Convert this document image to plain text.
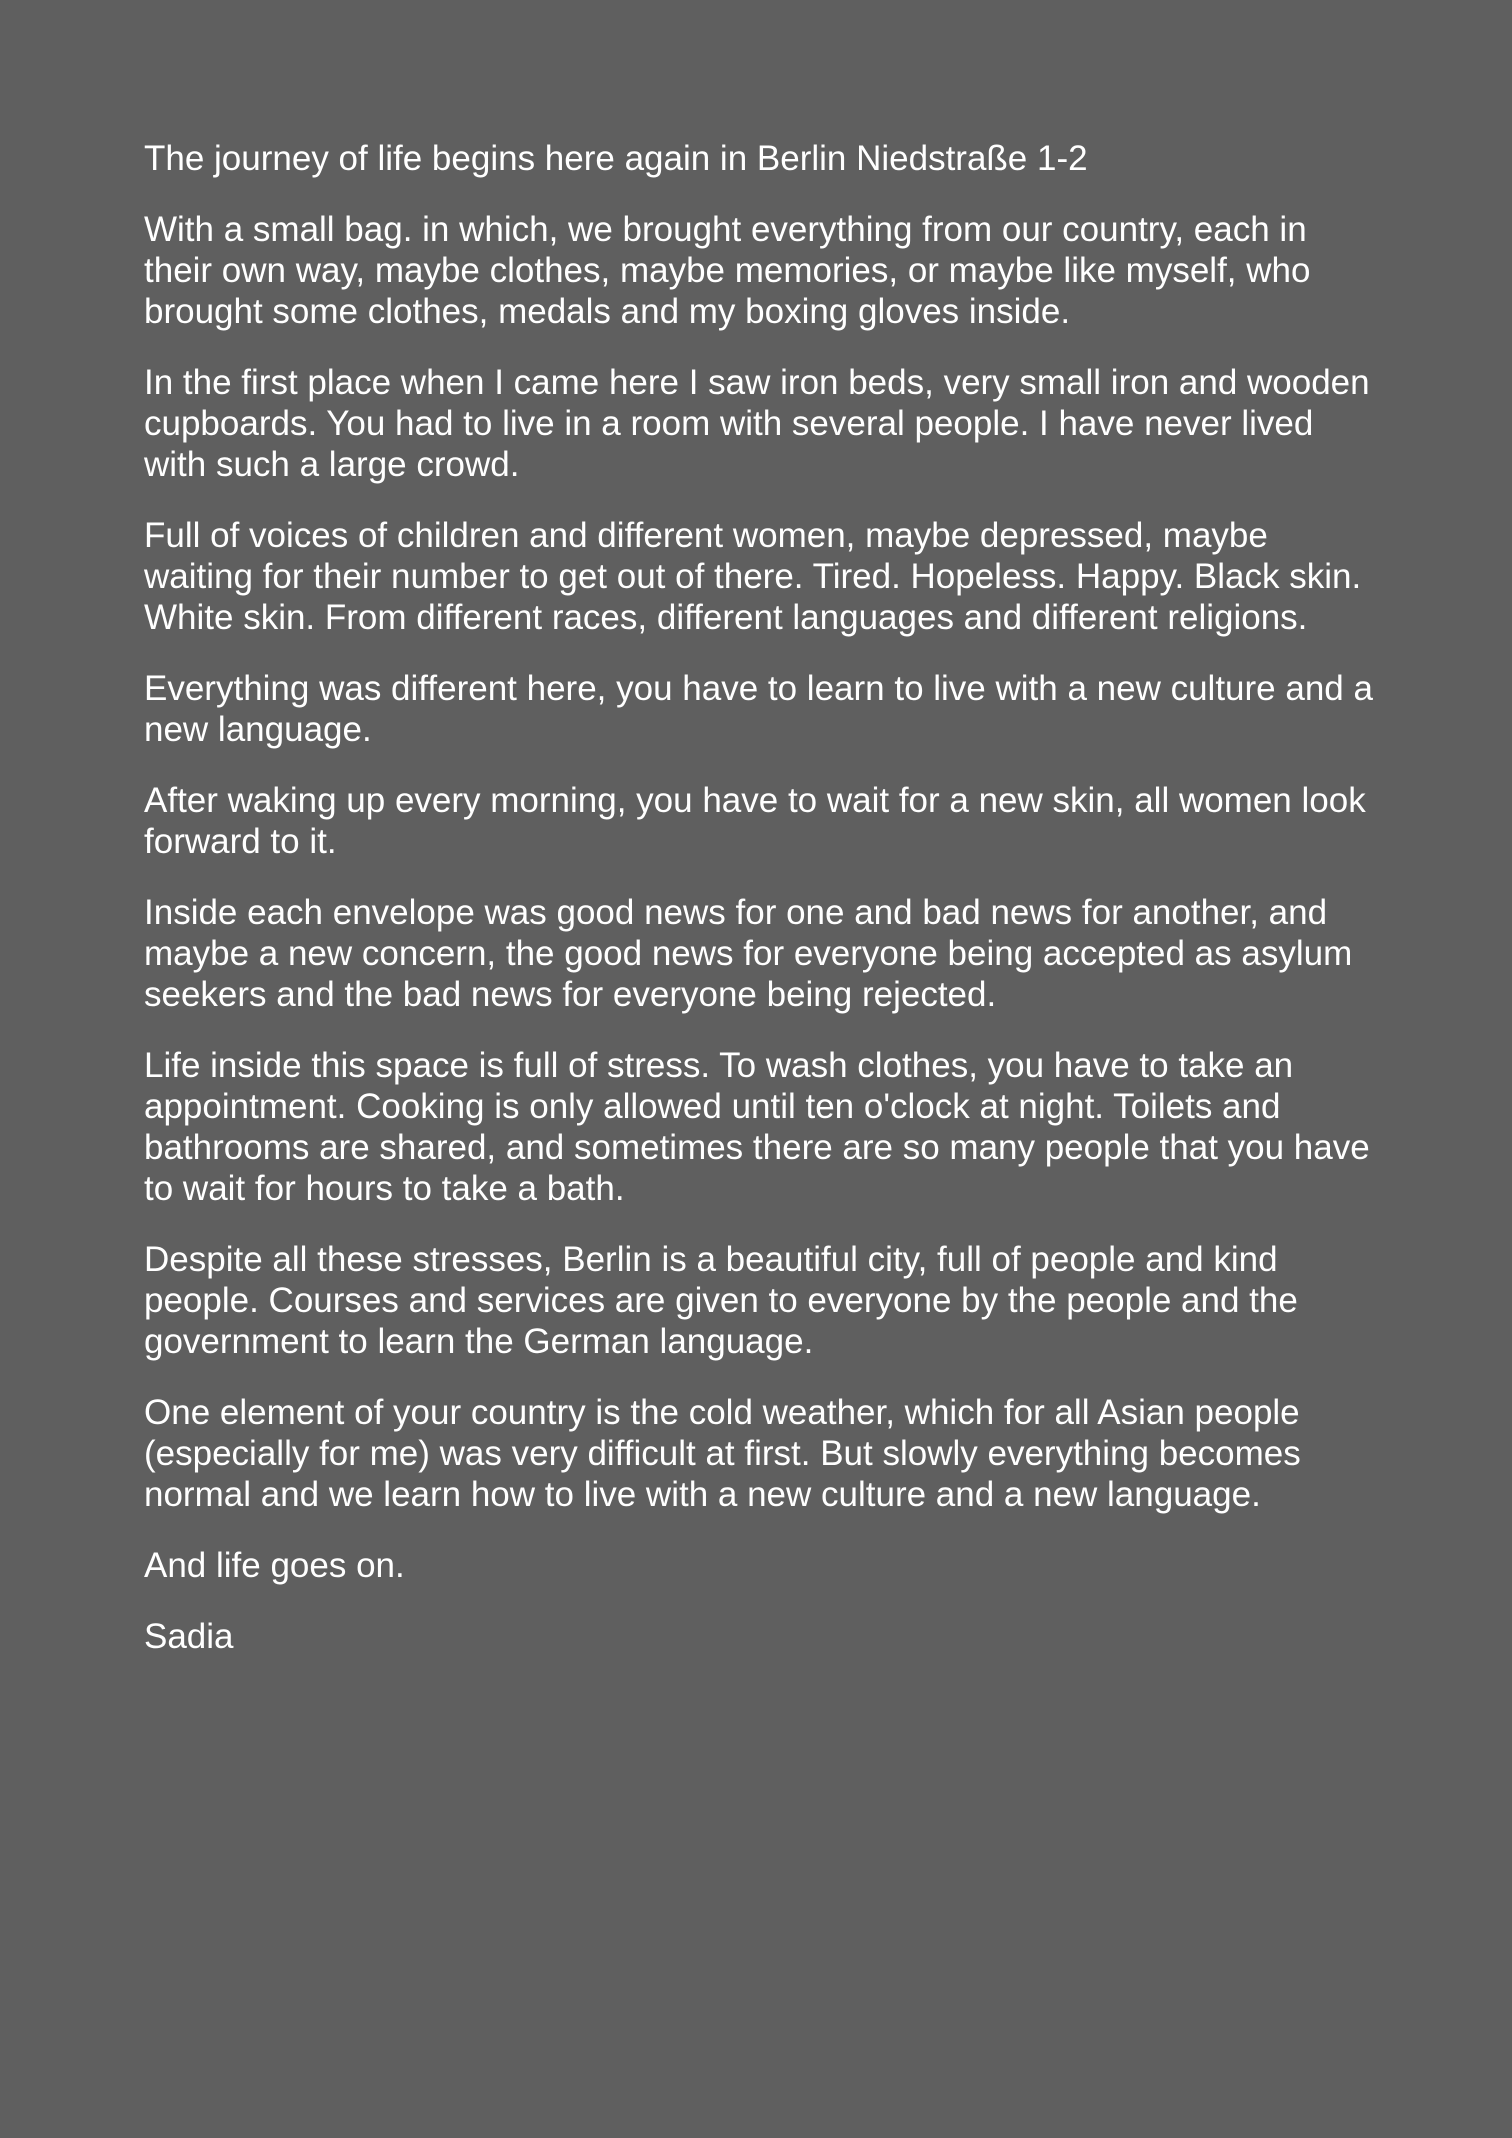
The journey of life begins here again in Berlin Niedstraße 1-2

With a small bag. in which, we brought everything from our country, each in their own way, maybe clothes, maybe memories, or maybe like myself, who brought some clothes, medals and my boxing gloves inside.

In the first place when I came here I saw iron beds, very small iron and wooden cupboards. You had to live in a room with several people. I have never lived with such a large crowd.

Full of voices of children and different women, maybe depressed, maybe waiting for their number to get out of there. Tired. Hopeless. Happy. Black skin. White skin. From different races, different languages and different religions.

Everything was different here, you have to learn to live with a new culture and a new language.

After waking up every morning, you have to wait for a new skin, all women look forward to it.

Inside each envelope was good news for one and bad news for another, and maybe a new concern, the good news for everyone being accepted as asylum seekers and the bad news for everyone being rejected.

Life inside this space is full of stress. To wash clothes, you have to take an appointment. Cooking is only allowed until ten o'clock at night. Toilets and bathrooms are shared, and sometimes there are so many people that you have to wait for hours to take a bath.

Despite all these stresses, Berlin is a beautiful city, full of people and kind people. Courses and services are given to everyone by the people and the government to learn the German language.

One element of your country is the cold weather, which for all Asian people (especially for me) was very difficult at first. But slowly everything becomes normal and we learn how to live with a new culture and a new language.

And life goes on.

Sadia
